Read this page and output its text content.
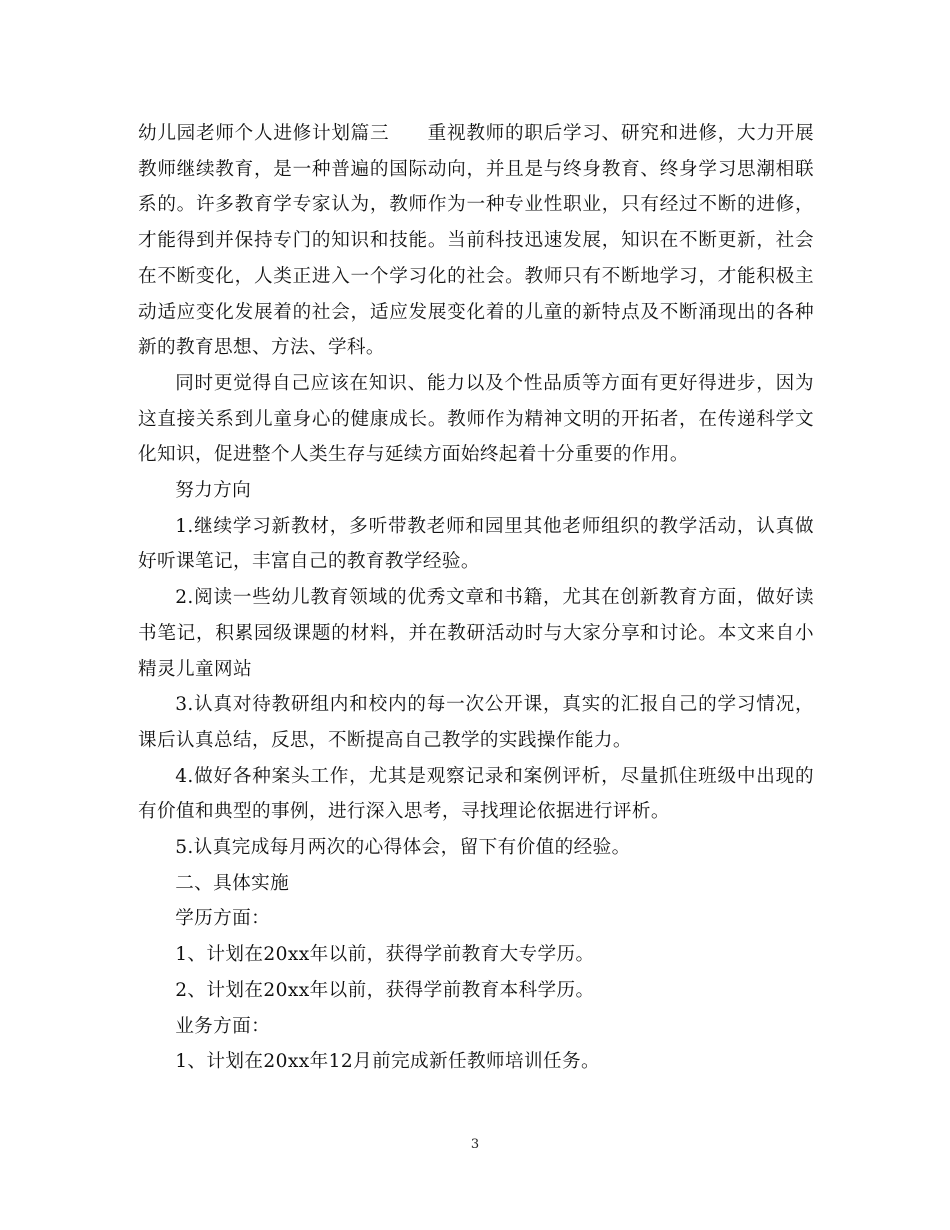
幼儿园老师个人进修计划篇三 重视教师的职后学习、研究和进修，大力开展教师继续教育，是一种普遍的国际动向，并且是与终身教育、终身学习思潮相联系的。许多教育学专家认为，教师作为一种专业性职业，只有经过不断的进修，才能得到并保持专门的知识和技能。当前科技迅速发展，知识在不断更新，社会在不断变化，人类正进入一个学习化的社会。教师只有不断地学习，才能积极主动适应变化发展着的社会，适应发展变化着的儿童的新特点及不断涌现出的各种新的教育思想、方法、学科。

同时更觉得自己应该在知识、能力以及个性品质等方面有更好得进步，因为这直接关系到儿童身心的健康成长。教师作为精神文明的开拓者，在传递科学文化知识，促进整个人类生存与延续方面始终起着十分重要的作用。

努力方向

1.继续学习新教材，多听带教老师和园里其他老师组织的教学活动，认真做好听课笔记，丰富自己的教育教学经验。

2.阅读一些幼儿教育领域的优秀文章和书籍，尤其在创新教育方面，做好读书笔记，积累园级课题的材料，并在教研活动时与大家分享和讨论。本文来自小精灵儿童网站

3.认真对待教研组内和校内的每一次公开课，真实的汇报自己的学习情况，课后认真总结，反思，不断提高自己教学的实践操作能力。

4.做好各种案头工作，尤其是观察记录和案例评析，尽量抓住班级中出现的有价值和典型的事例，进行深入思考，寻找理论依据进行评析。

5.认真完成每月两次的心得体会，留下有价值的经验。

二、具体实施

学历方面：

1、计划在20xx年以前，获得学前教育大专学历。

2、计划在20xx年以前，获得学前教育本科学历。

业务方面：

1、计划在20xx年12月前完成新任教师培训任务。

3
